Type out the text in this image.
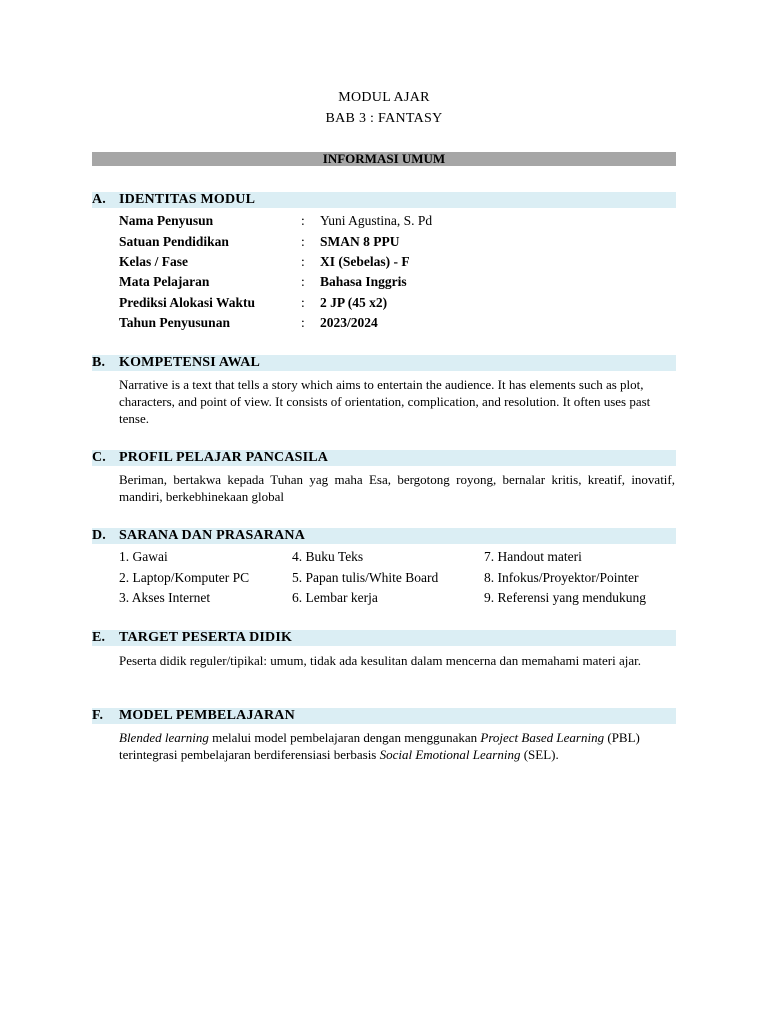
MODUL AJAR
BAB 3 : FANTASY
INFORMASI UMUM
A. IDENTITAS MODUL
Nama Penyusun	: Yuni Agustina, S. Pd
Satuan Pendidikan	: SMAN 8 PPU
Kelas / Fase	: XI (Sebelas) - F
Mata Pelajaran	: Bahasa Inggris
Prediksi Alokasi Waktu	: 2 JP (45 x2)
Tahun Penyusunan	: 2023/2024
B. KOMPETENSI AWAL

Narrative is a text that tells a story which aims to entertain the audience. It has elements such as plot, characters, and point of view. It consists of orientation, complication, and resolution. It often uses past tense.

C. PROFIL PELAJAR PANCASILA

Beriman, bertakwa kepada Tuhan yag maha Esa, bergotong royong, bernalar kritis, kreatif, inovatif, mandiri, berkebhinekaan global

D. SARANA DAN PRASARANA
1. Gawai
2. Laptop/Komputer PC
3. Akses Internet
4. Buku Teks
5. Papan tulis/White Board
6. Lembar kerja
7. Handout materi
8. Infokus/Proyektor/Pointer
9. Referensi yang mendukung
E. TARGET PESERTA DIDIK

Peserta didik reguler/tipikal: umum, tidak ada kesulitan dalam mencerna dan memahami materi ajar.

F. MODEL PEMBELAJARAN

Blended learning melalui model pembelajaran dengan menggunakan Project Based Learning (PBL) terintegrasi pembelajaran berdiferensiasi berbasis Social Emotional Learning (SEL).
